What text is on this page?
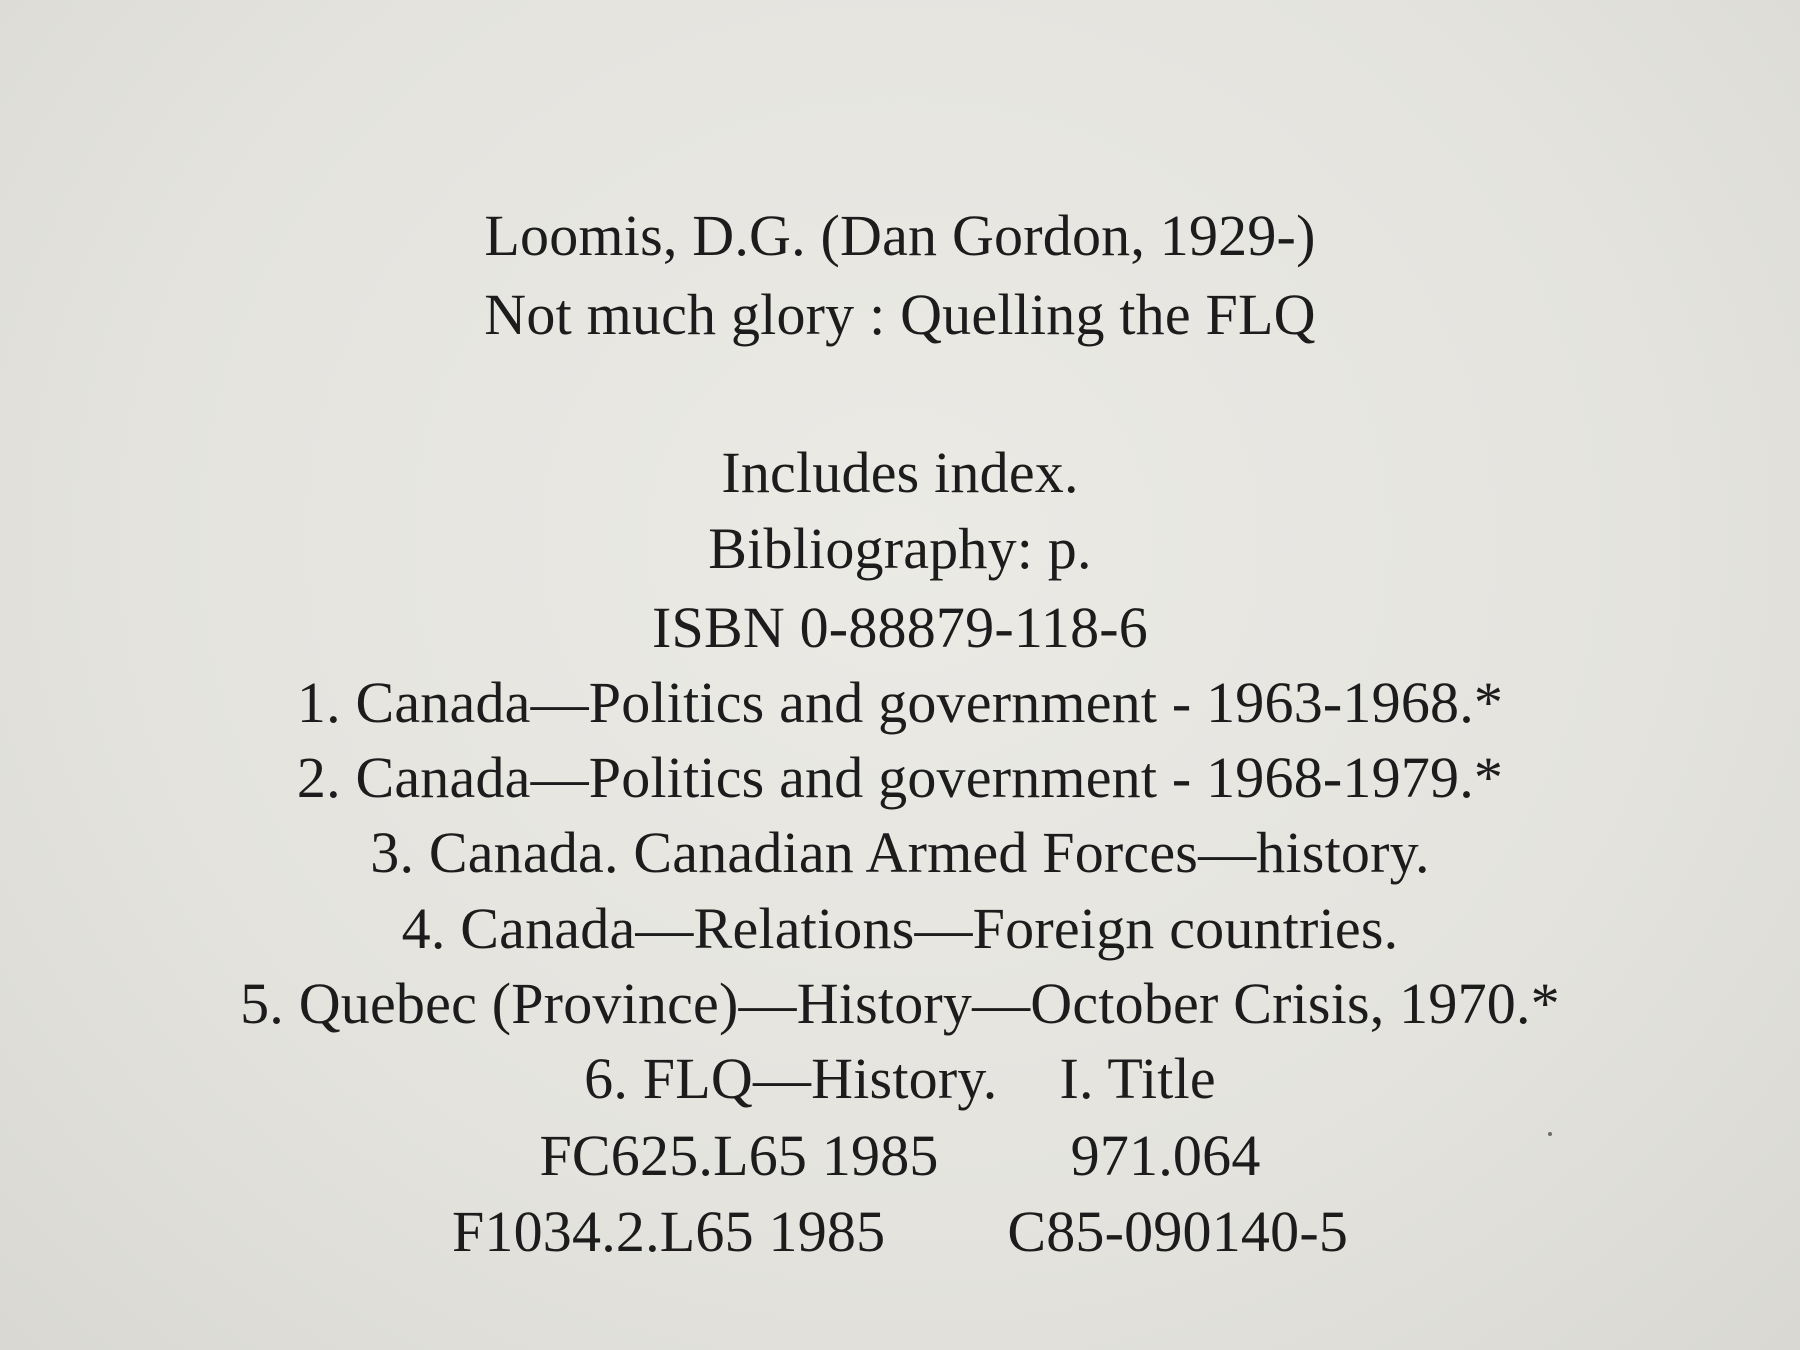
Loomis, D.G. (Dan Gordon, 1929-)
Not much glory : Quelling the FLQ
Includes index.
Bibliography: p.
ISBN 0-88879-118-6
1. Canada—Politics and government - 1963-1968.*
2. Canada—Politics and government - 1968-1979.*
3. Canada. Canadian Armed Forces—history.
4. Canada—Relations—Foreign countries.
5. Quebec (Province)—History—October Crisis, 1970.*
6. FLQ—History. I. Title
FC625.L65 1985 971.064
F1034.2.L65 1985 C85-090140-5
